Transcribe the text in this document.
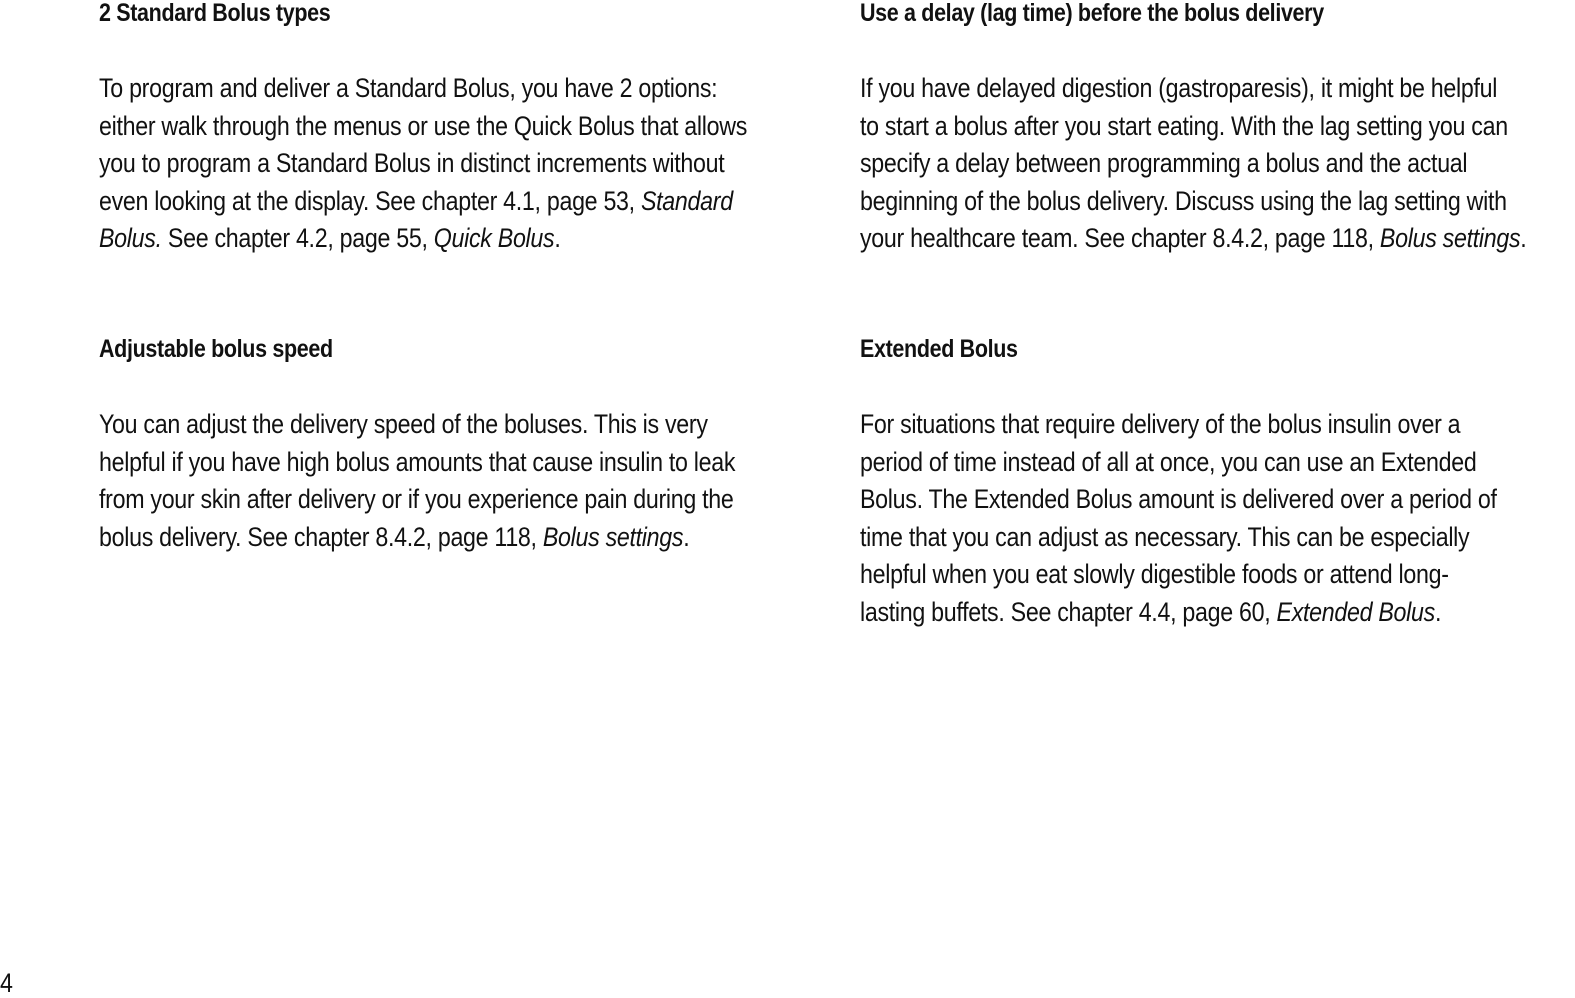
2 Standard Bolus types

To program and deliver a Standard Bolus, you have 2 options:
either walk through the menus or use the Quick Bolus that allows
you to program a Standard Bolus in distinct increments without
even looking at the display. See chapter 4.1, page 53, Standard
Bolus. See chapter 4.2, page 55, Quick Bolus.

Adjustable bolus speed

You can adjust the delivery speed of the boluses. This is very
helpful if you have high bolus amounts that cause insulin to leak
from your skin after delivery or if you experience pain during the
bolus delivery. See chapter 8.4.2, page 118, Bolus settings.

Use a delay (lag time) before the bolus delivery

If you have delayed digestion (gastroparesis), it might be helpful
to start a bolus after you start eating. With the lag setting you can
specify a delay between programming a bolus and the actual
beginning of the bolus delivery. Discuss using the lag setting with
your healthcare team. See chapter 8.4.2, page 118, Bolus settings.

Extended Bolus

For situations that require delivery of the bolus insulin over a
period of time instead of all at once, you can use an Extended
Bolus. The Extended Bolus amount is delivered over a period of
time that you can adjust as necessary. This can be especially
helpful when you eat slowly digestible foods or attend long-
lasting buffets. See chapter 4.4, page 60, Extended Bolus.

4
